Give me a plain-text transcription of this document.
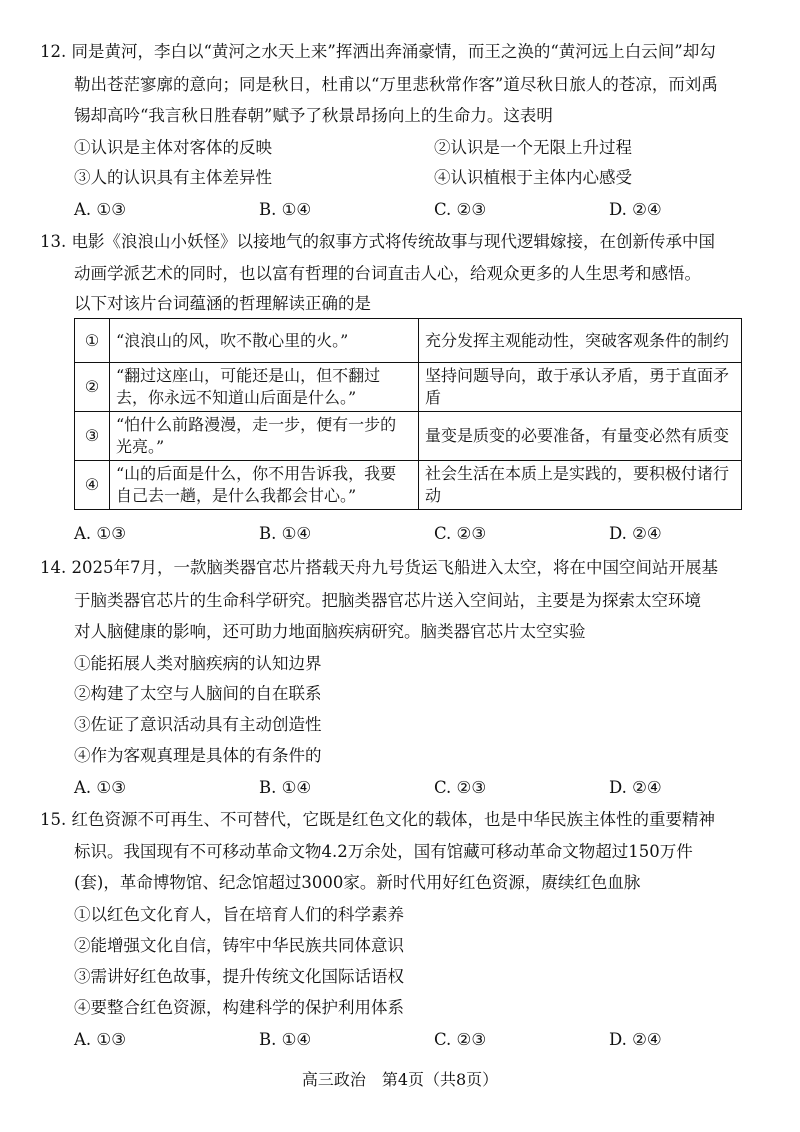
12. 同是黄河，李白以“黄河之水天上来”挥洒出奔涌豪情，而王之涣的“黄河远上白云间”却勾
勒出苍茫寥廓的意向；同是秋日，杜甫以“万里悲秋常作客”道尽秋日旅人的苍凉，而刘禹
锡却高吟“我言秋日胜春朝”赋予了秋景昂扬向上的生命力。这表明
①认识是主体对客体的反映	②认识是一个无限上升过程
③人的认识具有主体差异性	④认识植根于主体内心感受
A. ①③	B. ①④	C. ②③	D. ②④
13. 电影《浪浪山小妖怪》以接地气的叙事方式将传统故事与现代逻辑嫁接，在创新传承中国
动画学派艺术的同时，也以富有哲理的台词直击人心，给观众更多的人生思考和感悟。
以下对该片台词蕴涵的哲理解读正确的是
①	“浪浪山的风，吹不散心里的火。”	充分发挥主观能动性，突破客观条件的制约
②	“翻过这座山，可能还是山，但不翻过去，你永远不知道山后面是什么。”	坚持问题导向，敢于承认矛盾，勇于直面矛盾
③	“怕什么前路漫漫，走一步，便有一步的光亮。”	量变是质变的必要准备，有量变必然有质变
④	“山的后面是什么，你不用告诉我，我要自己去一趟，是什么我都会甘心。”	社会生活在本质上是实践的，要积极付诸行动
A. ①③	B. ①④	C. ②③	D. ②④
14. 2025年7月，一款脑类器官芯片搭载天舟九号货运飞船进入太空，将在中国空间站开展基
于脑类器官芯片的生命科学研究。把脑类器官芯片送入空间站，主要是为探索太空环境
对人脑健康的影响，还可助力地面脑疾病研究。脑类器官芯片太空实验
①能拓展人类对脑疾病的认知边界
②构建了太空与人脑间的自在联系
③佐证了意识活动具有主动创造性
④作为客观真理是具体的有条件的
A. ①③	B. ①④	C. ②③	D. ②④
15. 红色资源不可再生、不可替代，它既是红色文化的载体，也是中华民族主体性的重要精神
标识。我国现有不可移动革命文物4.2万余处，国有馆藏可移动革命文物超过150万件
(套)，革命博物馆、纪念馆超过3000家。新时代用好红色资源，赓续红色血脉
①以红色文化育人，旨在培育人们的科学素养
②能增强文化自信，铸牢中华民族共同体意识
③需讲好红色故事，提升传统文化国际话语权
④要整合红色资源，构建科学的保护利用体系
A. ①③	B. ①④	C. ②③	D. ②④
高三政治　第4页（共8页）
